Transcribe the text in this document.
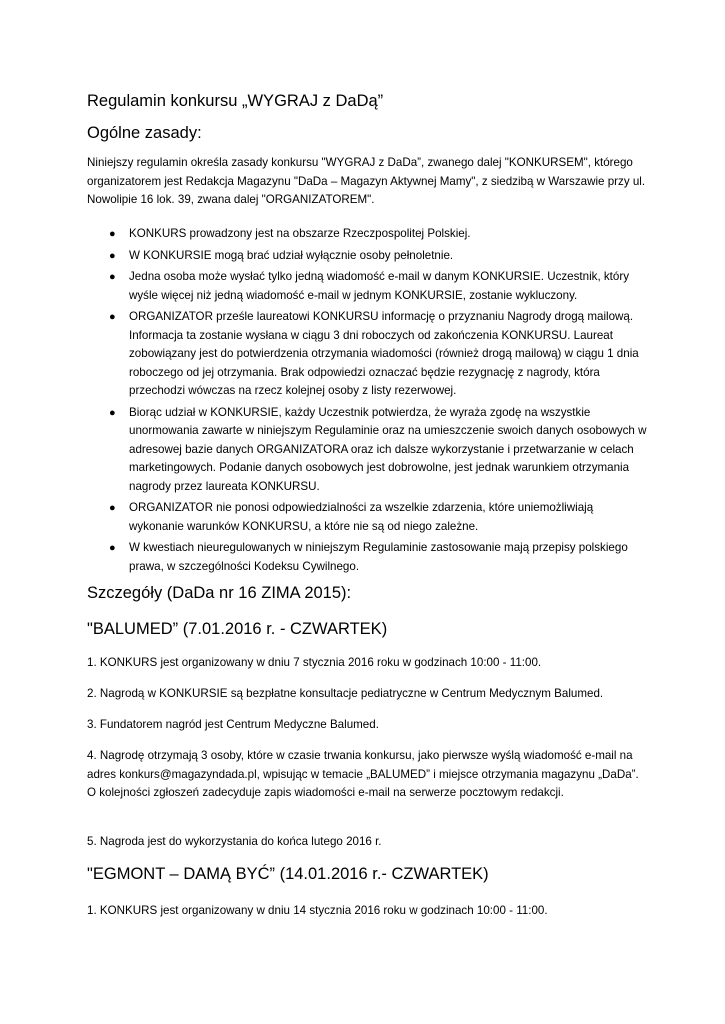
Regulamin konkursu „WYGRAJ z DaDą”
Ogólne zasady:

Niniejszy regulamin określa zasady konkursu "WYGRAJ z DaDa”, zwanego dalej "KONKURSEM", którego organizatorem jest Redakcja Magazynu "DaDa – Magazyn Aktywnej Mamy", z siedzibą w Warszawie przy ul. Nowolipie 16 lok. 39, zwana dalej "ORGANIZATOREM".

● KONKURS prowadzony jest na obszarze Rzeczpospolitej Polskiej.
● W KONKURSIE mogą brać udział wyłącznie osoby pełnoletnie.
● Jedna osoba może wysłać tylko jedną wiadomość e-mail w danym KONKURSIE. Uczestnik, który wyśle więcej niż jedną wiadomość e-mail w jednym KONKURSIE, zostanie wykluczony.
● ORGANIZATOR prześle laureatowi KONKURSU informację o przyznaniu Nagrody drogą mailową. Informacja ta zostanie wysłana w ciągu 3 dni roboczych od zakończenia KONKURSU. Laureat zobowiązany jest do potwierdzenia otrzymania wiadomości (również drogą mailową) w ciągu 1 dnia roboczego od jej otrzymania. Brak odpowiedzi oznaczać będzie rezygnację z nagrody, która przechodzi wówczas na rzecz kolejnej osoby z listy rezerwowej.
● Biorąc udział w KONKURSIE, każdy Uczestnik potwierdza, że wyraża zgodę na wszystkie unormowania zawarte w niniejszym Regulaminie oraz na umieszczenie swoich danych osobowych w adresowej bazie danych ORGANIZATORA oraz ich dalsze wykorzystanie i przetwarzanie w celach marketingowych. Podanie danych osobowych jest dobrowolne, jest jednak warunkiem otrzymania nagrody przez laureata KONKURSU.
● ORGANIZATOR nie ponosi odpowiedzialności za wszelkie zdarzenia, które uniemożliwiają wykonanie warunków KONKURSU, a które nie są od niego zależne.
● W kwestiach nieuregulowanych w niniejszym Regulaminie zastosowanie mają przepisy polskiego prawa, w szczególności Kodeksu Cywilnego.
Szczegóły (DaDa nr 16 ZIMA 2015):
"BALUMED” (7.01.2016 r. - CZWARTEK)

1. KONKURS jest organizowany w dniu 7 stycznia 2016 roku w godzinach 10:00 - 11:00.

2. Nagrodą w KONKURSIE są bezpłatne konsultacje pediatryczne w Centrum Medycznym Balumed.

3. Fundatorem nagród jest Centrum Medyczne Balumed.

4. Nagrodę otrzymają 3 osoby, które w czasie trwania konkursu, jako pierwsze wyślą wiadomość e-mail na adres konkurs@magazyndada.pl, wpisując w temacie „BALUMED” i miejsce otrzymania magazynu „DaDa”. O kolejności zgłoszeń zadecyduje zapis wiadomości e-mail na serwerze pocztowym redakcji.

5. Nagroda jest do wykorzystania do końca lutego 2016 r.

"EGMONT – DAMĄ BYĆ” (14.01.2016 r.- CZWARTEK)

1. KONKURS jest organizowany w dniu 14 stycznia 2016 roku w godzinach 10:00 - 11:00.
